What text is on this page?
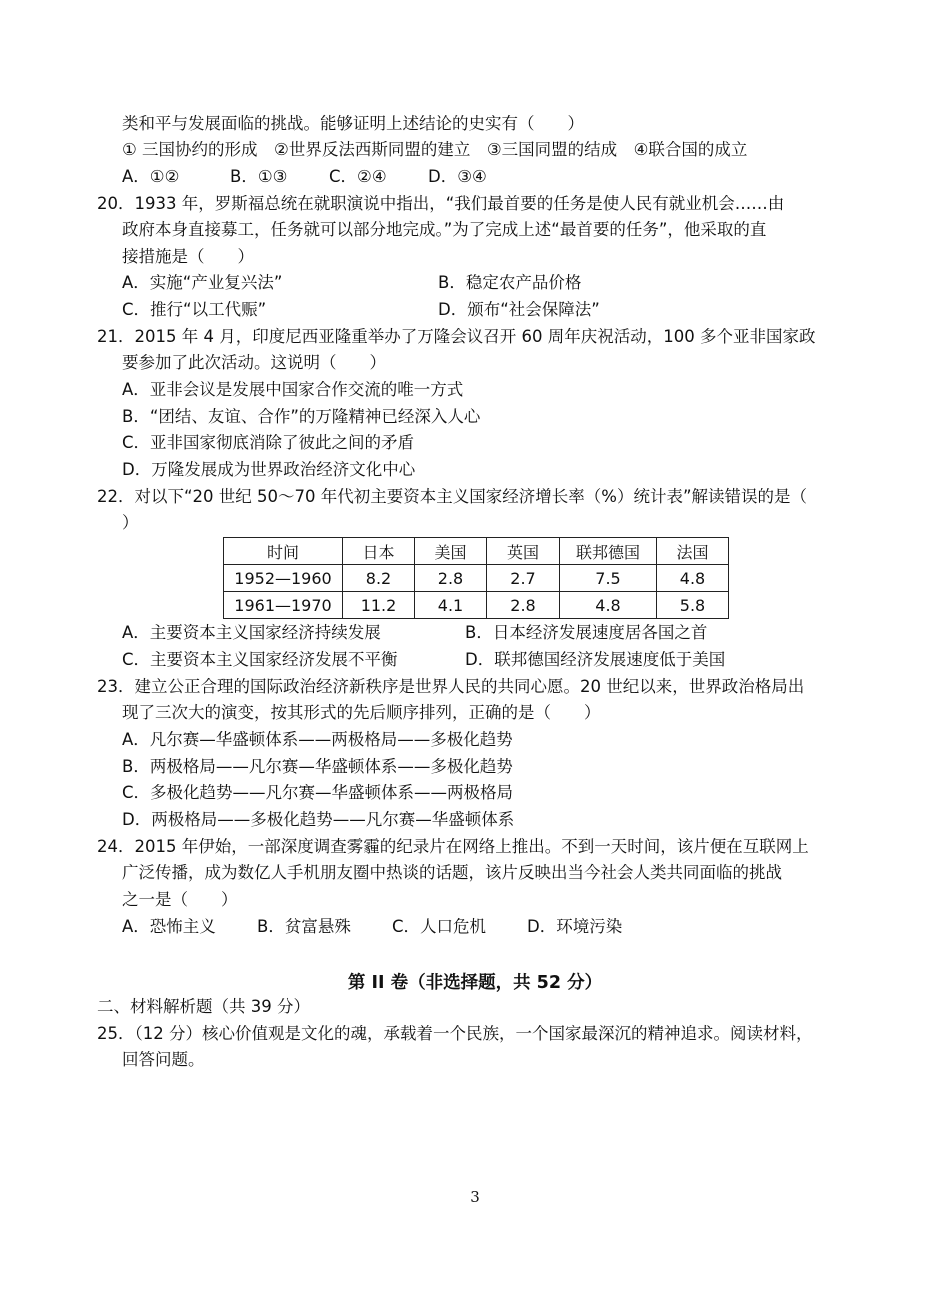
类和平与发展面临的挑战。能够证明上述结论的史实有（　　）
① 三国协约的形成　②世界反法西斯同盟的建立　③三国同盟的结成　④联合国的成立
A．①②	B．①③	C．②④	D．③④
20．1933 年，罗斯福总统在就职演说中指出，“我们最首要的任务是使人民有就业机会……由
政府本身直接募工，任务就可以部分地完成。”为了完成上述“最首要的任务”，他采取的直
接措施是（　　）
A．实施“产业复兴法”	B．稳定农产品价格
C．推行“以工代赈”	D．颁布“社会保障法”
21．2015 年 4 月，印度尼西亚隆重举办了万隆会议召开 60 周年庆祝活动，100 多个亚非国家政
要参加了此次活动。这说明（　　）
A．亚非会议是发展中国家合作交流的唯一方式
B．“团结、友谊、合作”的万隆精神已经深入人心
C．亚非国家彻底消除了彼此之间的矛盾
D．万隆发展成为世界政治经济文化中心
22．对以下“20 世纪 50～70 年代初主要资本主义国家经济增长率（%）统计表”解读错误的是（
）
时间	日本	美国	英国	联邦德国	法国
1952—1960	8.2	2.8	2.7	7.5	4.8
1961—1970	11.2	4.1	2.8	4.8	5.8
A．主要资本主义国家经济持续发展	B．日本经济发展速度居各国之首
C．主要资本主义国家经济发展不平衡	D．联邦德国经济发展速度低于美国
23．建立公正合理的国际政治经济新秩序是世界人民的共同心愿。20 世纪以来，世界政治格局出
现了三次大的演变，按其形式的先后顺序排列，正确的是（　　）
A．凡尔赛—华盛顿体系——两极格局——多极化趋势
B．两极格局——凡尔赛—华盛顿体系——多极化趋势
C．多极化趋势——凡尔赛—华盛顿体系——两极格局
D．两极格局——多极化趋势——凡尔赛—华盛顿体系
24．2015 年伊始，一部深度调查雾霾的纪录片在网络上推出。不到一天时间，该片便在互联网上
广泛传播，成为数亿人手机朋友圈中热谈的话题，该片反映出当今社会人类共同面临的挑战
之一是（　　）
A．恐怖主义 B．贫富悬殊 C．人口危机 D．环境污染
第 II 卷（非选择题，共 52 分）
二、材料解析题（共 39 分）
25．（12 分）核心价值观是文化的魂，承载着一个民族，一个国家最深沉的精神追求。阅读材料，
回答问题。
3
